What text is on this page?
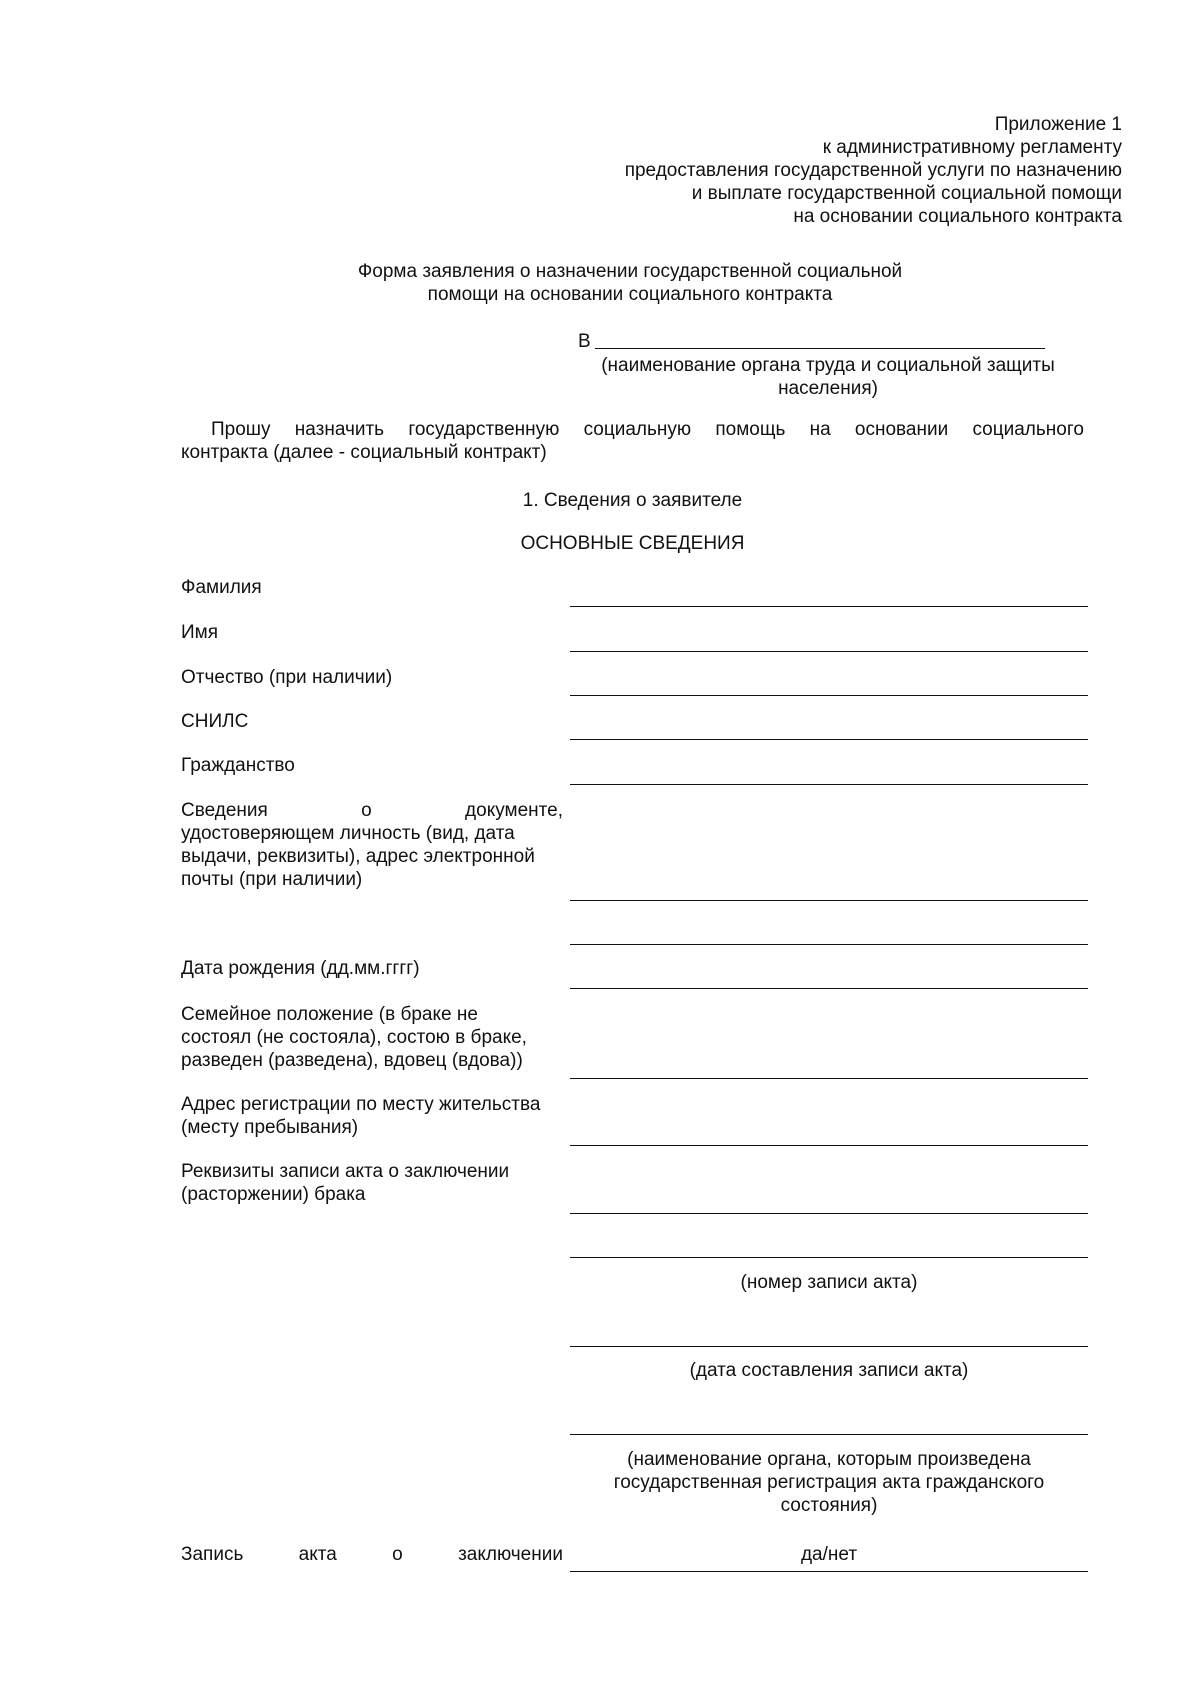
Приложение 1
к административному регламенту
предоставления государственной услуги по назначению
и выплате государственной социальной помощи
на основании социального контракта
Форма заявления о назначении государственной социальной
помощи на основании социального контракта
В
(наименование органа труда и социальной защиты
населения)
Прошу назначить государственную социальную помощь на основании социального
контракта (далее - социальный контракт)
1. Сведения о заявителе
ОСНОВНЫЕ СВЕДЕНИЯ
Фамилия
Имя
Отчество (при наличии)
СНИЛС
Гражданство
Сведения	о	документе,
удостоверяющем личность (вид, дата
выдачи, реквизиты), адрес электронной
почты (при наличии)
Дата рождения (дд.мм.гггг)
Семейное положение (в браке не
состоял (не состояла), состою в браке,
разведен (разведена), вдовец (вдова))
Адрес регистрации по месту жительства
(месту пребывания)
Реквизиты записи акта о заключении
(расторжении) брака
(номер записи акта)
(дата составления записи акта)
(наименование органа, которым произведена
государственная регистрация акта гражданского
состояния)
Запись	акта	о	заключении	да/нет
